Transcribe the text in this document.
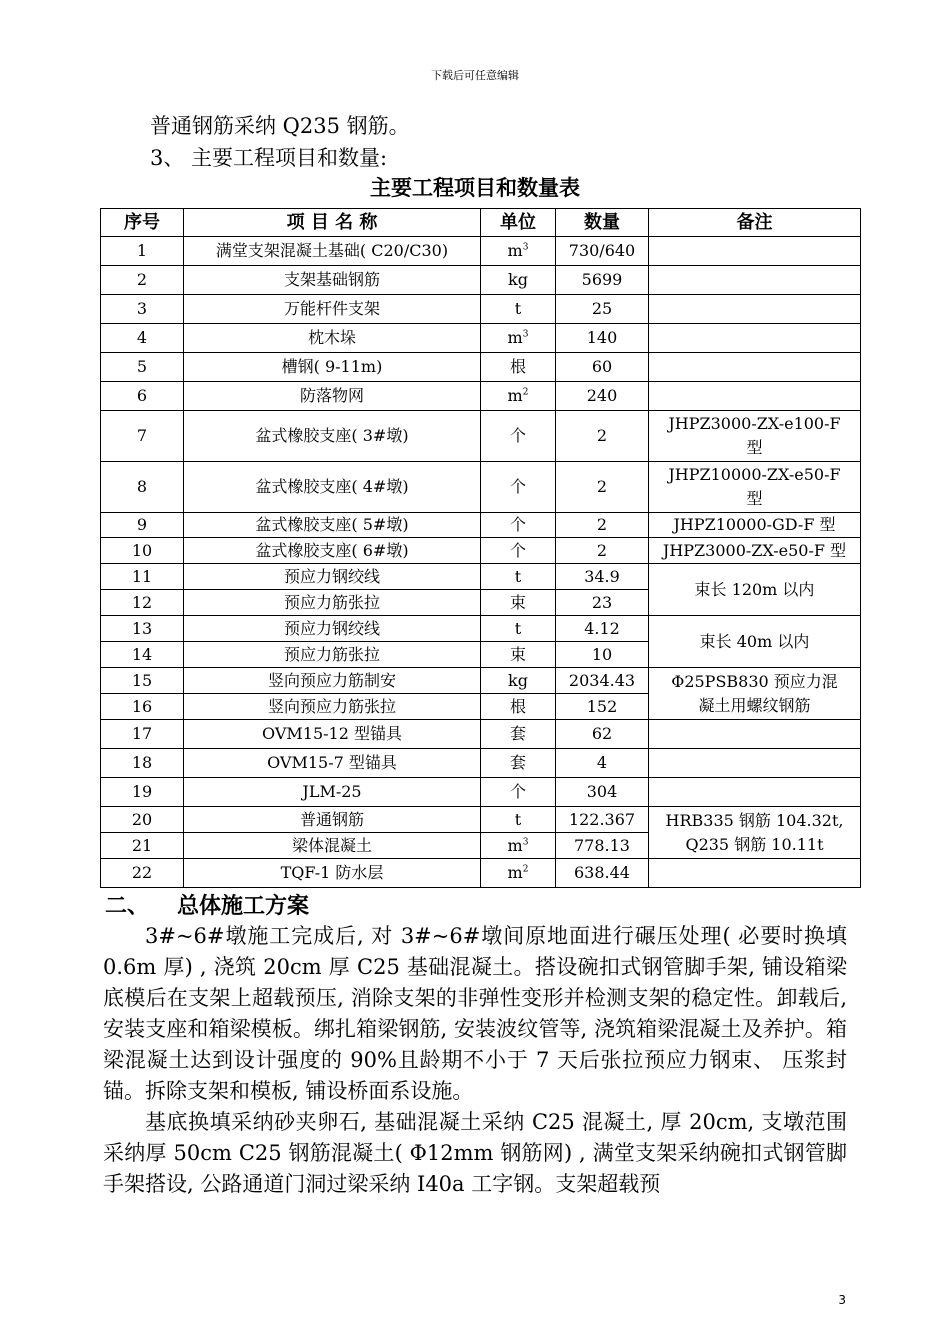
下载后可任意编辑
普通钢筋采纳 Q235 钢筋。
3、 主要工程项目和数量:
主要工程项目和数量表
序号	项 目 名 称	单位	数量	备注
1	满堂支架混凝土基础( C20/C30)	$m^3$	730/640	
2	支架基础钢筋	kg	5699	
3	万能杆件支架	t	25	
4	枕木垛	$m^3$	140	
5	槽钢( 9-11m)	根	60	
6	防落物网	$m^2$	240	
7	盆式橡胶支座( 3#墩)	个	2	JHPZ3000-ZX-e100-F
型

8	盆式橡胶支座( 4#墩)	个	2	JHPZ10000-ZX-e50-F
型

9	盆式橡胶支座( 5#墩)	个	2	JHPZ10000-GD-F 型
10	盆式橡胶支座( 6#墩)	个	2	JHPZ3000-ZX-e50-F 型
11	预应力钢绞线	t	34.9	束长 120m 以内
12	预应力筋张拉	束	23	
13	预应力钢绞线	t	4.12	束长 40m 以内
14	预应力筋张拉	束	10	
15	竖向预应力筋制安	kg	2034.43	Φ25PSB830 预应力混
凝土用螺纹钢筋

16	竖向预应力筋张拉	根	152	
17	OVM15-12 型锚具	套	62	
18	OVM15-7 型锚具	套	4	
19	JLM-25	个	304	
20	普通钢筋	t	122.367	HRB335 钢筋 104.32t,
Q235 钢筋 10.11t

21	梁体混凝土	$m^3$	778.13	
22	TQF-1 防水层	$m^2$	638.44	
二、 总体施工方案

3#~6#墩施工完成后, 对 3#~6#墩间原地面进行碾压处理( 必要时换填 0.6m 厚) , 浇筑 20cm 厚 C25 基础混凝土。搭设碗扣式钢管脚手架, 铺设箱梁底模后在支架上超载预压, 消除支架的非弹性变形并检测支架的稳定性。卸载后, 安装支座和箱梁模板。绑扎箱梁钢筋, 安装波纹管等, 浇筑箱梁混凝土及养护。箱梁混凝土达到设计强度的 90%且龄期不小于 7 天后张拉预应力钢束、 压浆封锚。拆除支架和模板, 铺设桥面系设施。

基底换填采纳砂夹卵石, 基础混凝土采纳 C25 混凝土, 厚 20cm, 支墩范围采纳厚 50cm C25 钢筋混凝土( Φ12mm 钢筋网) , 满堂支架采纳碗扣式钢管脚手架搭设, 公路通道门洞过梁采纳 I40a 工字钢。支架超载预

3
